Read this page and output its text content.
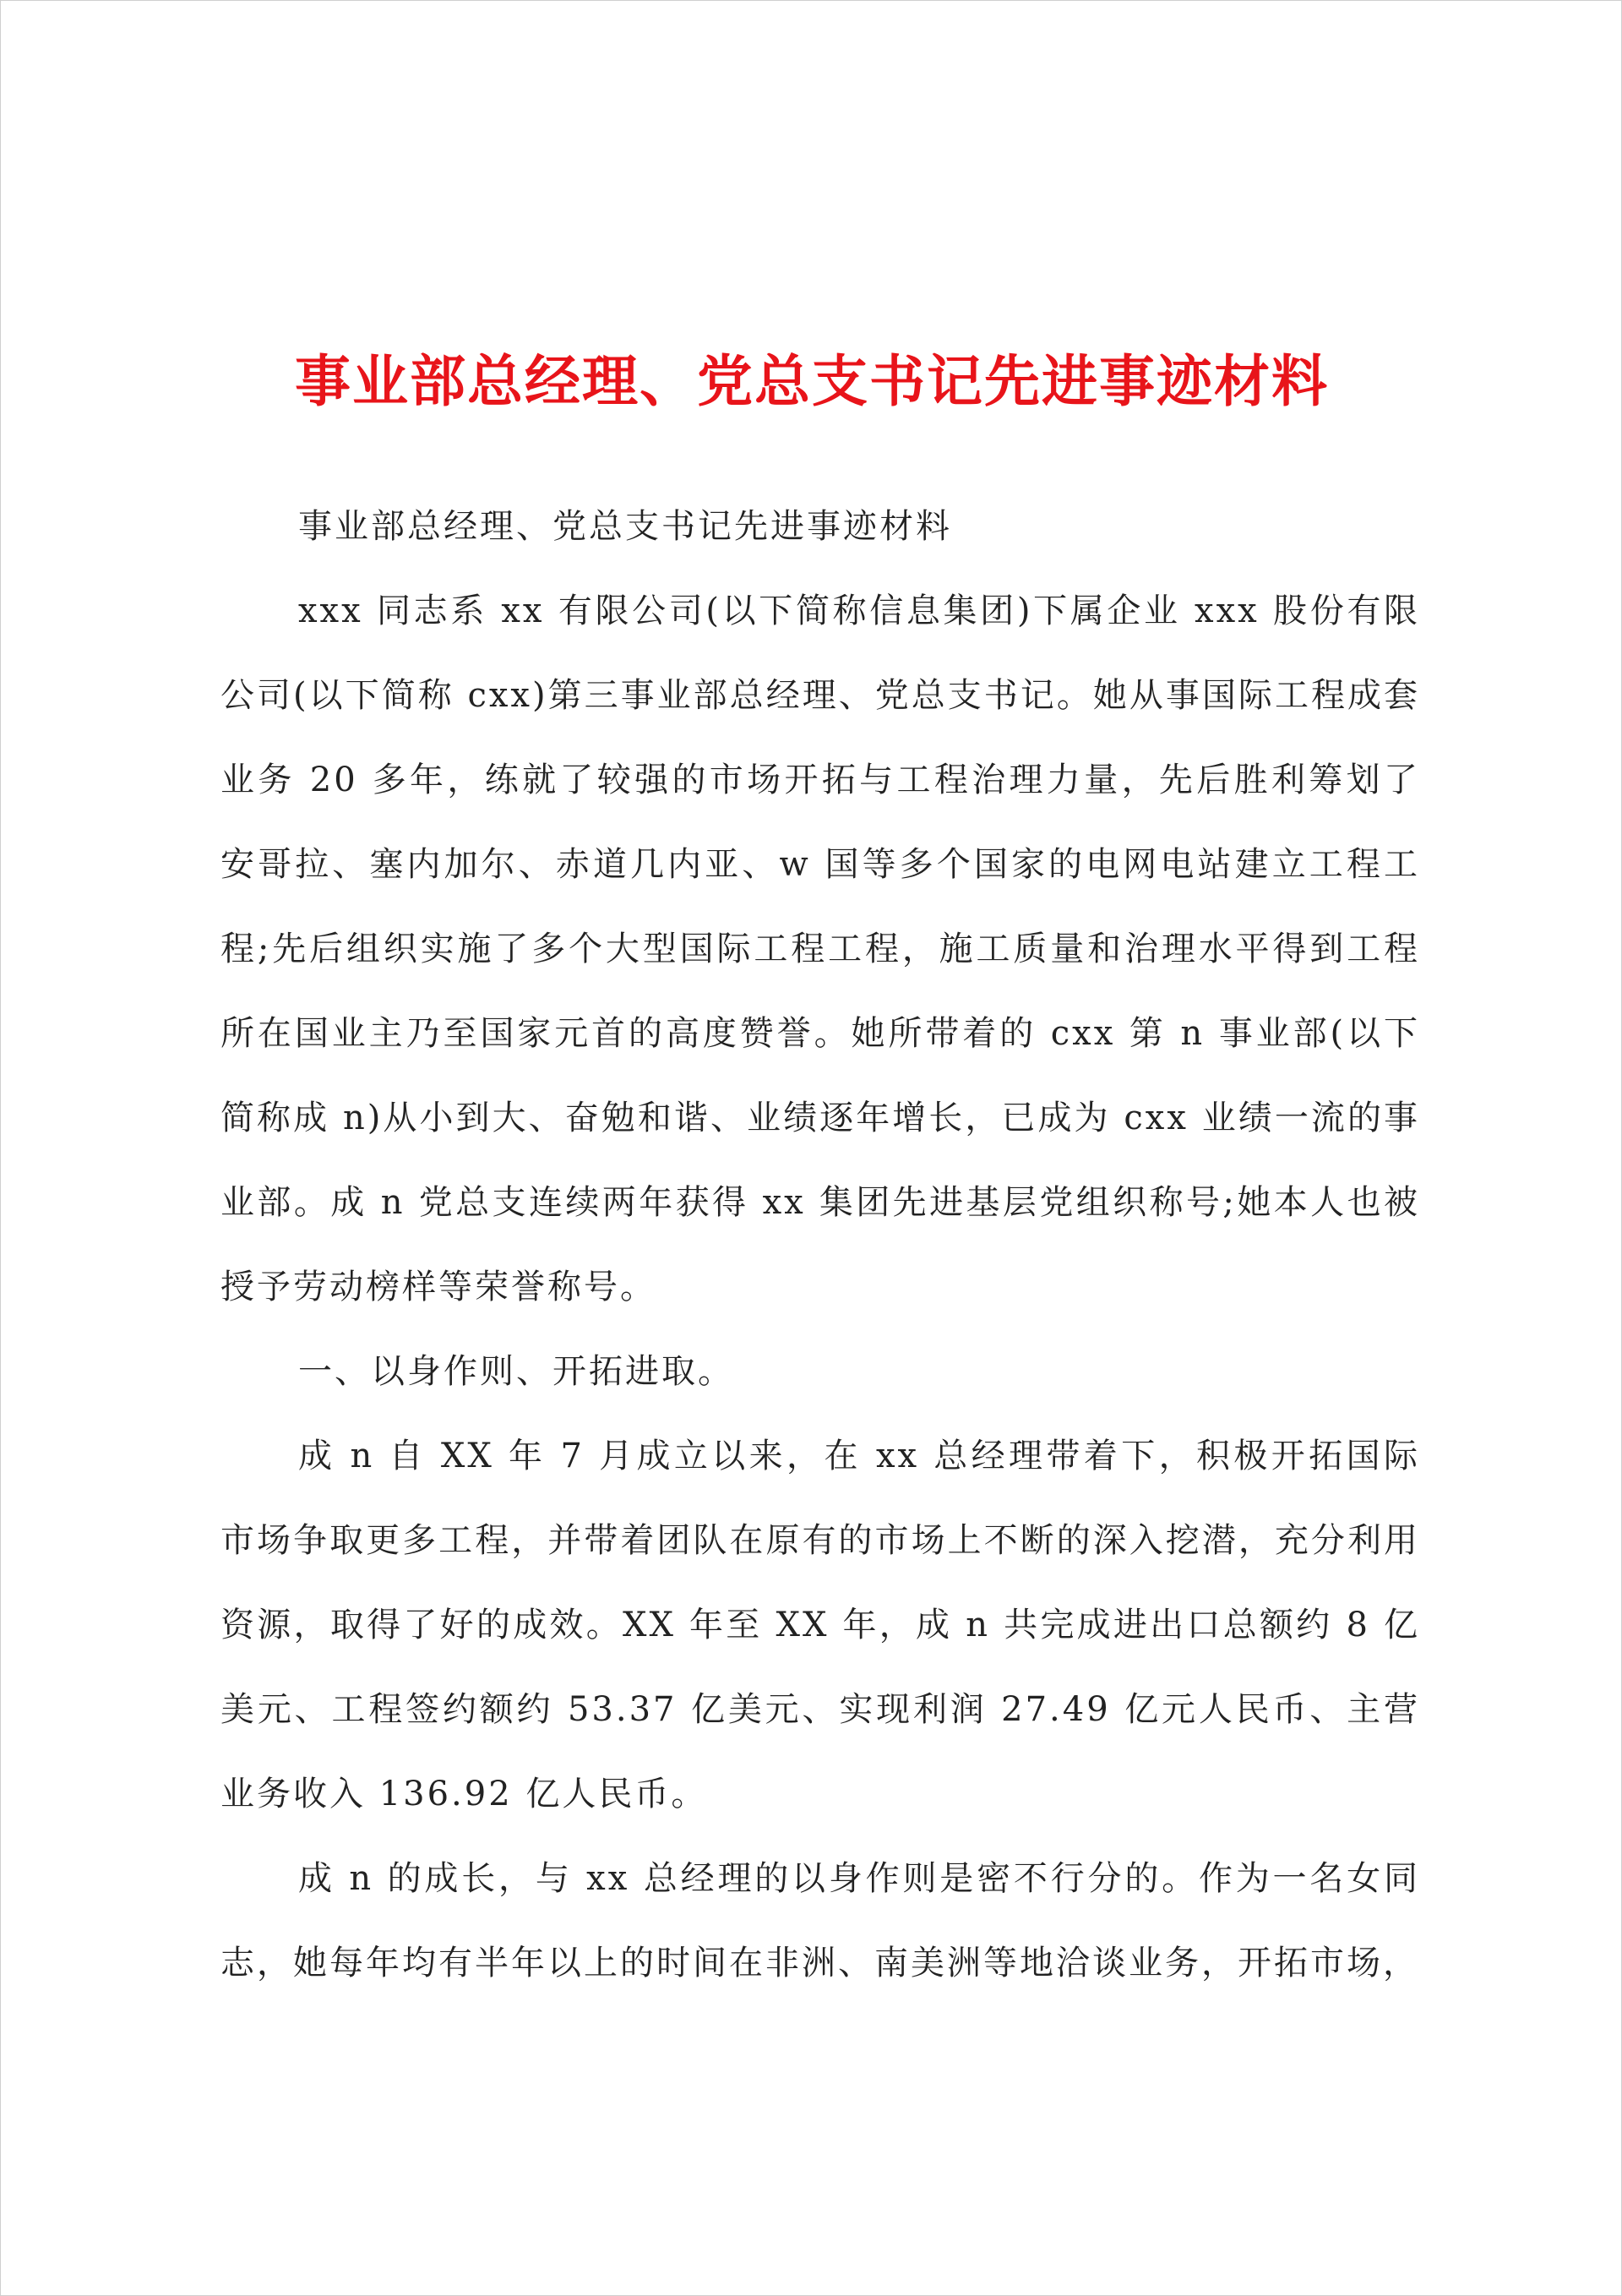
事业部总经理、党总支书记先进事迹材料

事业部总经理、党总支书记先进事迹材料

xxx 同志系 xx 有限公司(以下简称信息集团)下属企业 xxx 股份有限公司(以下简称 cxx)第三事业部总经理、党总支书记。她从事国际工程成套业务 20 多年，练就了较强的市场开拓与工程治理力量，先后胜利筹划了安哥拉、塞内加尔、赤道几内亚、w 国等多个国家的电网电站建立工程工程;先后组织实施了多个大型国际工程工程，施工质量和治理水平得到工程所在国业主乃至国家元首的高度赞誉。她所带着的 cxx 第 n 事业部(以下简称成 n)从小到大、奋勉和谐、业绩逐年增长，已成为 cxx 业绩一流的事业部。成 n 党总支连续两年获得 xx 集团先进基层党组织称号;她本人也被授予劳动榜样等荣誉称号。

一、以身作则、开拓进取。

成 n 自 XX 年 7 月成立以来，在 xx 总经理带着下，积极开拓国际市场争取更多工程，并带着团队在原有的市场上不断的深入挖潜，充分利用资源，取得了好的成效。XX 年至 XX 年，成 n 共完成进出口总额约 8 亿美元、工程签约额约 53.37 亿美元、实现利润 27.49 亿元人民币、主营业务收入 136.92 亿人民币。

成 n 的成长，与 xx 总经理的以身作则是密不行分的。作为一名女同志，她每年均有半年以上的时间在非洲、南美洲等地洽谈业务，开拓市场，
